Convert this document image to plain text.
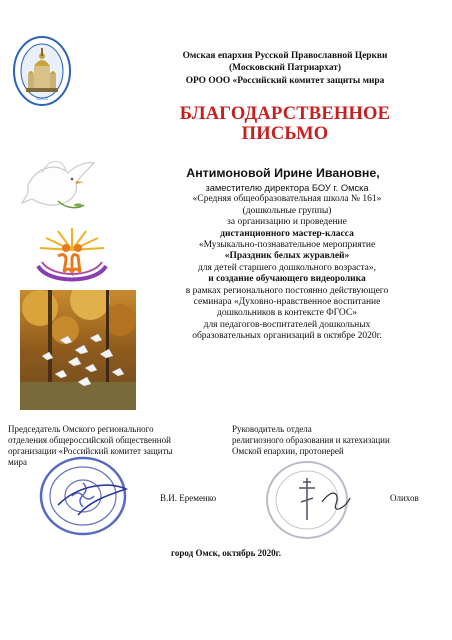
ОМСК
Омская епархия Русской Православной Церкви
(Московский Патриархат)
ОРО ООО «Российский комитет защиты мира
БЛАГОДАРСТВЕННОЕ
ПИСЬМО
Антимоновой Ирине Ивановне,
заместителю директора БОУ г. Омска
«Средняя общеобразовательная школа № 161»
(дошкольные группы)
за организацию и проведение
дистанционного мастер-класса
«Музыкально-познавательное мероприятие
«Праздник белых журавлей»
для детей старшего дошкольного возраста»,
и создание обучающего видеоролика
в рамках регионального постоянно действующего
семинара «Духовно-нравственное воспитание
дошкольников в контексте ФГОС»
для педагогов-воспитателей дошкольных
образовательных организаций в октябре 2020г.
Председатель Омского регионального
отделения общероссийской общественной
организации «Российский комитет защиты
мира
Руководитель отдела
религиозного образования и катехизации
Омской епархии, протоиерей
В.И. Еременко	Олихов
город Омск, октябрь 2020г.
